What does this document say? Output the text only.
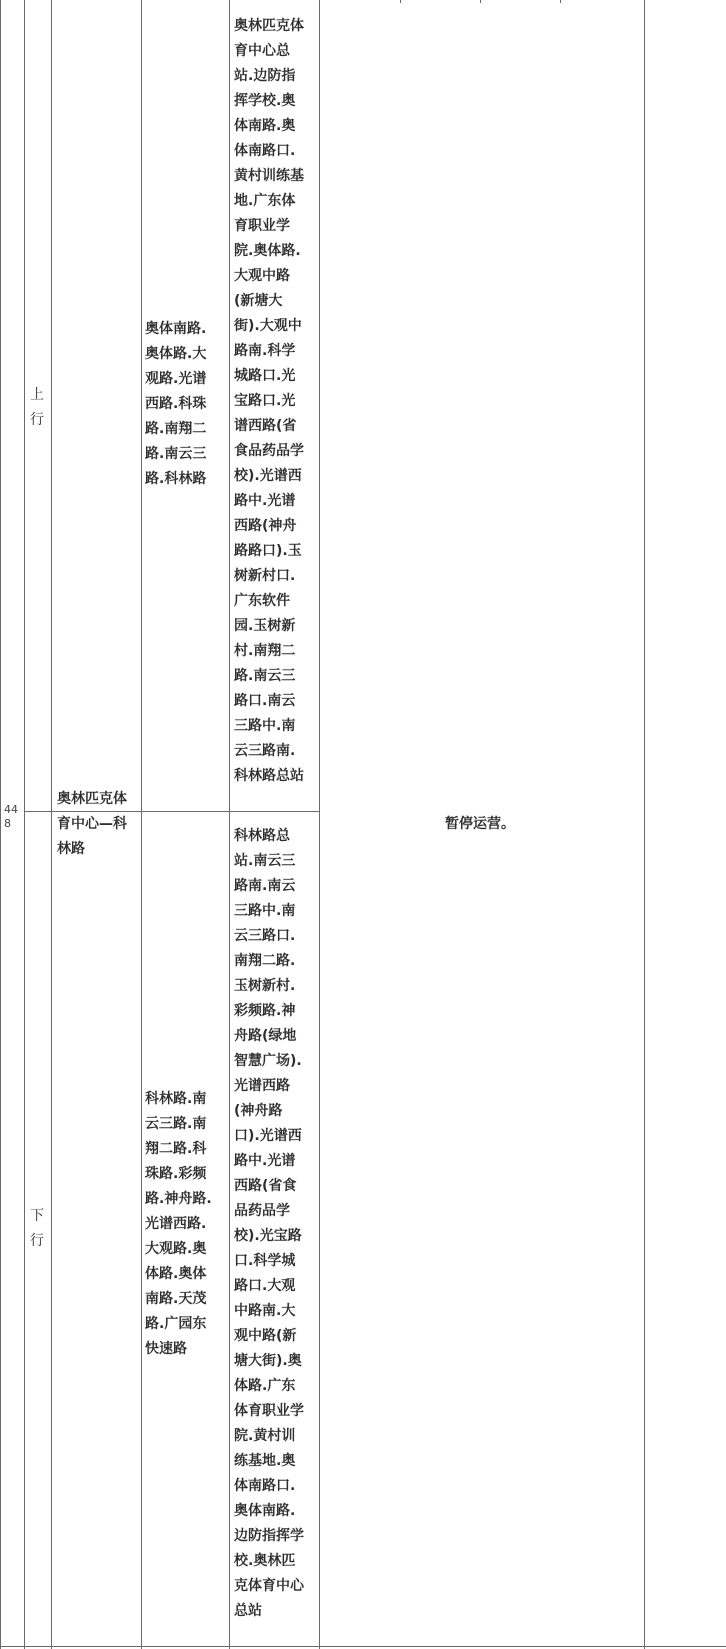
448
上
行
下
行
奥林匹克体
育中心—科
林路
奥体南路.
奥体路.大
观路.光谱
西路.科珠
路.南翔二
路.南云三
路.科林路
科林路.南
云三路.南
翔二路.科
珠路.彩频
路.神舟路.
光谱西路.
大观路.奥
体路.奥体
南路.天茂
路.广园东
快速路
奥林匹克体
育中心总
站.边防指
挥学校.奥
体南路.奥
体南路口.
黄村训练基
地.广东体
育职业学
院.奥体路.
大观中路
(新塘大
街).大观中
路南.科学
城路口.光
宝路口.光
谱西路(省
食品药品学
校).光谱西
路中.光谱
西路(神舟
路路口).玉
树新村口.
广东软件
园.玉树新
村.南翔二
路.南云三
路口.南云
三路中.南
云三路南.
科林路总站
科林路总
站.南云三
路南.南云
三路中.南
云三路口.
南翔二路.
玉树新村.
彩频路.神
舟路(绿地
智慧广场).
光谱西路
(神舟路
口).光谱西
路中.光谱
西路(省食
品药品学
校).光宝路
口.科学城
路口.大观
中路南.大
观中路(新
塘大街).奥
体路.广东
体育职业学
院.黄村训
练基地.奥
体南路口.
奥体南路.
边防指挥学
校.奥林匹
克体育中心
总站
暂停运营。
